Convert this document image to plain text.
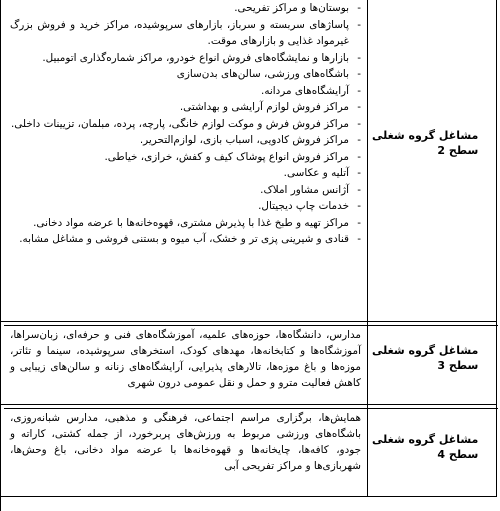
مشاغل گروه شغلی
سطح 2
- بوستان‌ها و مراکز تفریحی.
- پاساژهای سربسته و سرباز، بازارهای سرپوشیده، مراکز خرید و فروش بزرگ غیرمواد غذایی و بازارهای موقت.
- بازارها و نمایشگاه‌های فروش انواع خودرو، مراکز شماره‌گذاری اتومبیل.
- باشگاه‌های ورزشی، سالن‌های بدن‌سازی
- آرایشگاه‌های مردانه.
- مراکز فروش لوازم آرایشی و بهداشتی.
- مراکز فروش فرش و موکت لوازم خانگی، پارچه، پرده، مبلمان، تزیینات داخلی.
- مراکز فروش کادویی، اسباب بازی، لوازم‌التحریر.
- مراکز فروش انواع پوشاک کیف و کفش، خرازی، خیاطی.
- آتلیه و عکاسی.
- آژانس مشاور املاک.
- خدمات چاپ دیجیتال.
- مراکز تهیه و طبخ غذا با پذیرش مشتری، قهوه‌خانه‌ها با عرضه مواد دخانی.
- قنادی و شیرینی پزی تر و خشک، آب میوه و بستنی فروشی و مشاغل مشابه.
مشاغل گروه شغلی
سطح 3

مدارس، دانشگاه‌ها، حوزه‌های علمیه، آموزشگاه‌های فنی و حرفه‌ای، زبان‌سراها، آموزشگاه‌ها و کتابخانه‌ها، مهدهای کودک، استخرهای سرپوشیده، سینما و تئاتر، موزه‌ها و باغ موزه‌ها، تالارهای پذیرایی، آرایشگاه‌های زنانه و سالن‌های زیبایی و کاهش فعالیت مترو و حمل و نقل عمومی درون شهری

مشاغل گروه شغلی
سطح 4

همایش‌ها، برگزاری مراسم اجتماعی، فرهنگی و مذهبی، مدارس شبانه‌روزی، باشگاه‌های ورزشی مربوط به ورزش‌های پربرخورد، از جمله کشتی، کاراته و جودو، کافه‌ها، چایخانه‌ها و قهوه‌خانه‌ها با عرضه مواد دخانی، باغ وحش‌ها، شهربازی‌ها و مراکز تفریحی آبی
